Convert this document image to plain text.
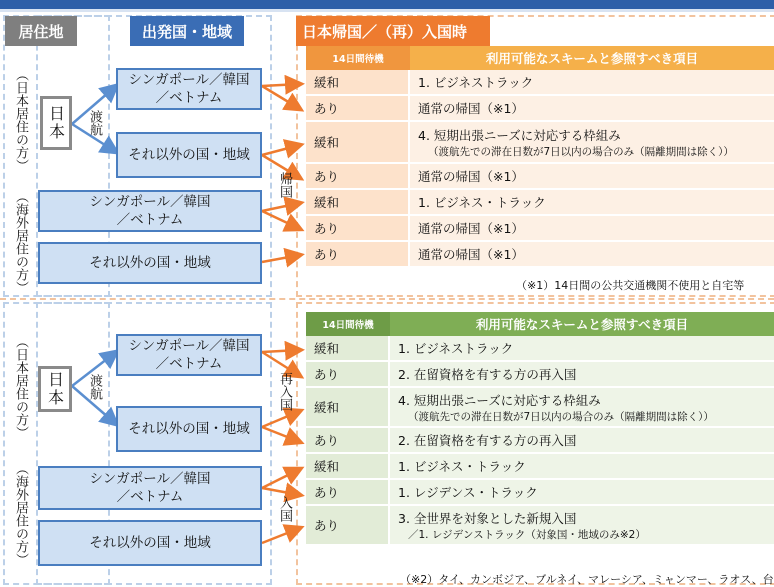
居住地	出発国・地域	日本帰国／（再）入国時
（日本居住の方）
（海外居住の方）
（日本居住の方）
（海外居住の方）
日本
日本
渡航
渡航
シンガポール／韓国
／ベトナム
それ以外の国・地域
シンガポール／韓国
／ベトナム
それ以外の国・地域
シンガポール／韓国
／ベトナム
それ以外の国・地域
シンガポール／韓国
／ベトナム
それ以外の国・地域
帰国
再入国
入国
14日間待機	利用可能なスキームと参照すべき項目
緩和	1. ビジネストラック
あり	通常の帰国（※1）
緩和	4. 短期出張ニーズに対応する枠組み
（渡航先での滞在日数が7日以内の場合のみ（隔離期間は除く））
あり	通常の帰国（※1）
緩和	1. ビジネス・トラック
あり	通常の帰国（※1）
あり	通常の帰国（※1）
（※1）14日間の公共交通機関不使用と自宅等
14日間待機	利用可能なスキームと参照すべき項目
緩和	1. ビジネストラック
あり	2. 在留資格を有する方の再入国
緩和	4. 短期出張ニーズに対応する枠組み
（渡航先での滞在日数が7日以内の場合のみ（隔離期間は除く））
あり	2. 在留資格を有する方の再入国
緩和	1. ビジネス・トラック
あり	1. レジデンス・トラック
あり	3. 全世界を対象とした新規入国
／1. レジデンストラック（対象国・地域のみ※2）
（※2）タイ、カンボジア、ブルネイ、マレーシア、ミャンマー、ラオス、台
